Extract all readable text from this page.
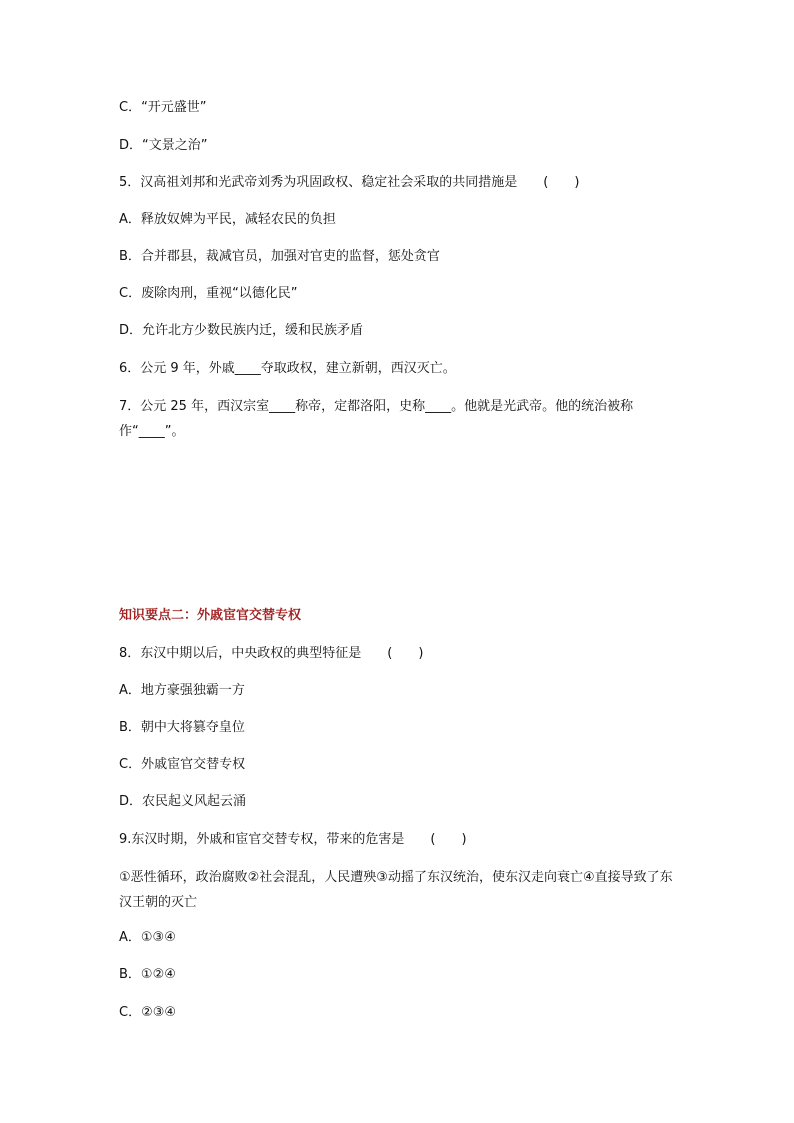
C．“开元盛世”
D．“文景之治”
5．汉高祖刘邦和光武帝刘秀为巩固政权、稳定社会采取的共同措施是　　(　　)
A．释放奴婢为平民，减轻农民的负担
B．合并郡县，裁减官员，加强对官吏的监督，惩处贪官
C．废除肉刑，重视“以德化民”
D．允许北方少数民族内迁，缓和民族矛盾
6．公元 9 年，外戚____夺取政权，建立新朝，西汉灭亡。
7．公元 25 年，西汉宗室____称帝，定都洛阳，史称____。他就是光武帝。他的统治被称作“____”。
知识要点二：外戚宦官交替专权
8．东汉中期以后，中央政权的典型特征是　　(　　)
A．地方豪强独霸一方
B．朝中大将篡夺皇位
C．外戚宦官交替专权
D．农民起义风起云涌
9.东汉时期，外戚和宦官交替专权，带来的危害是　　(　　)
①恶性循环，政治腐败②社会混乱，人民遭殃③动摇了东汉统治，使东汉走向衰亡④直接导致了东汉王朝的灭亡
A．①③④
B．①②④
C．②③④
